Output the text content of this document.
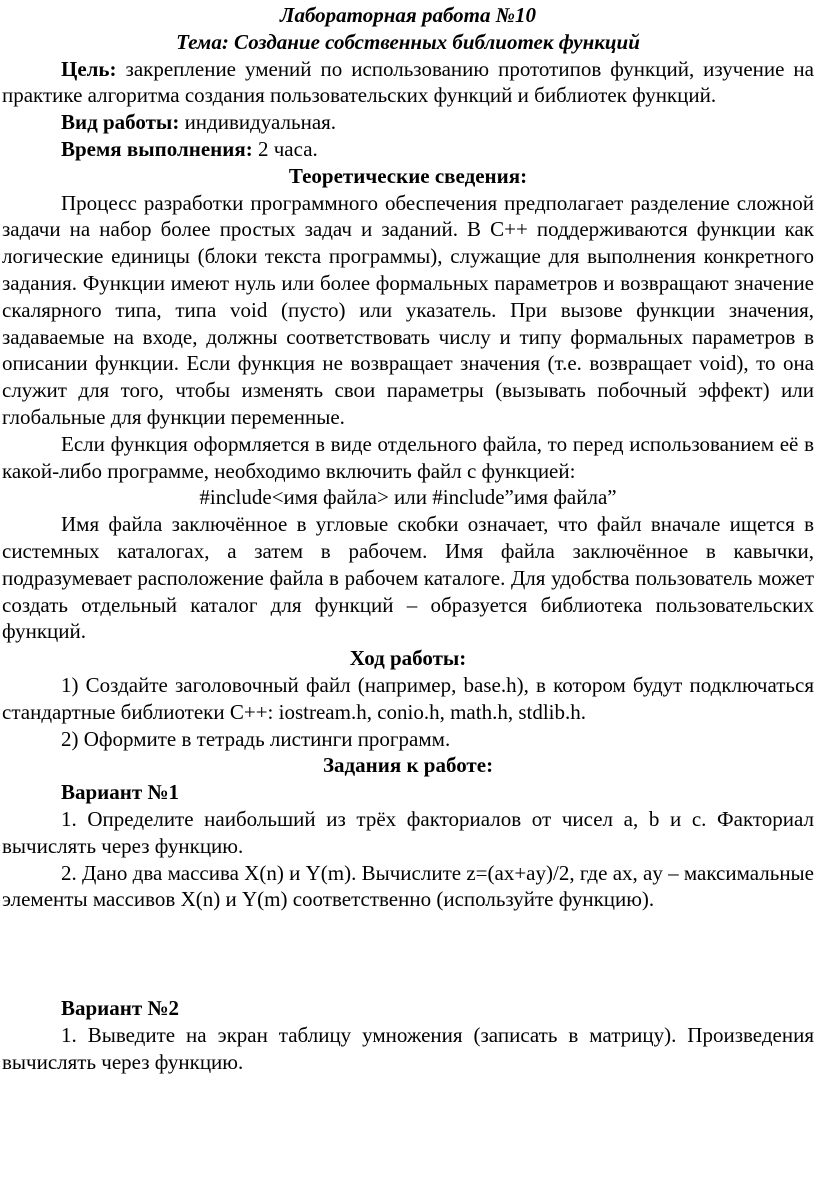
Лабораторная работа №10

Тема: Создание собственных библиотек функций

Цель: закрепление умений по использованию прототипов функций, изучение на практике алгоритма создания пользовательских функций и библиотек функций.

Вид работы: индивидуальная.

Время выполнения: 2 часа.

Теоретические сведения:

Процесс разработки программного обеспечения предполагает разделение сложной задачи на набор более простых задач и заданий. В C++ поддерживаются функции как логические единицы (блоки текста программы), служащие для выполнения конкретного задания. Функции имеют нуль или более формальных параметров и возвращают значение скалярного типа, типа void (пусто) или указатель. При вызове функции значения, задаваемые на входе, должны соответствовать числу и типу формальных параметров в описании функции. Если функция не возвращает значения (т.е. возвращает void), то она служит для того, чтобы изменять свои параметры (вызывать побочный эффект) или глобальные для функции переменные.

Если функция оформляется в виде отдельного файла, то перед использованием её в какой-либо программе, необходимо включить файл с функцией:

#include<имя файла> или #include”имя файла”

Имя файла заключённое в угловые скобки означает, что файл вначале ищется в системных каталогах, а затем в рабочем. Имя файла заключённое в кавычки, подразумевает расположение файла в рабочем каталоге. Для удобства пользователь может создать отдельный каталог для функций – образуется библиотека пользовательских функций.

Ход работы:

1) Создайте заголовочный файл (например, base.h), в котором будут подключаться стандартные библиотеки C++: iostream.h, conio.h, math.h, stdlib.h.

2) Оформите в тетрадь листинги программ.

Задания к работе:

Вариант №1

1. Определите наибольший из трёх факториалов от чисел a, b и c. Факториал вычислять через функцию.

2. Дано два массива X(n) и Y(m). Вычислите z=(ax+ay)/2, где ax, ay – максимальные элементы массивов X(n) и Y(m) соответственно (используйте функцию).

Вариант №2

1. Выведите на экран таблицу умножения (записать в матрицу). Произведения вычислять через функцию.
